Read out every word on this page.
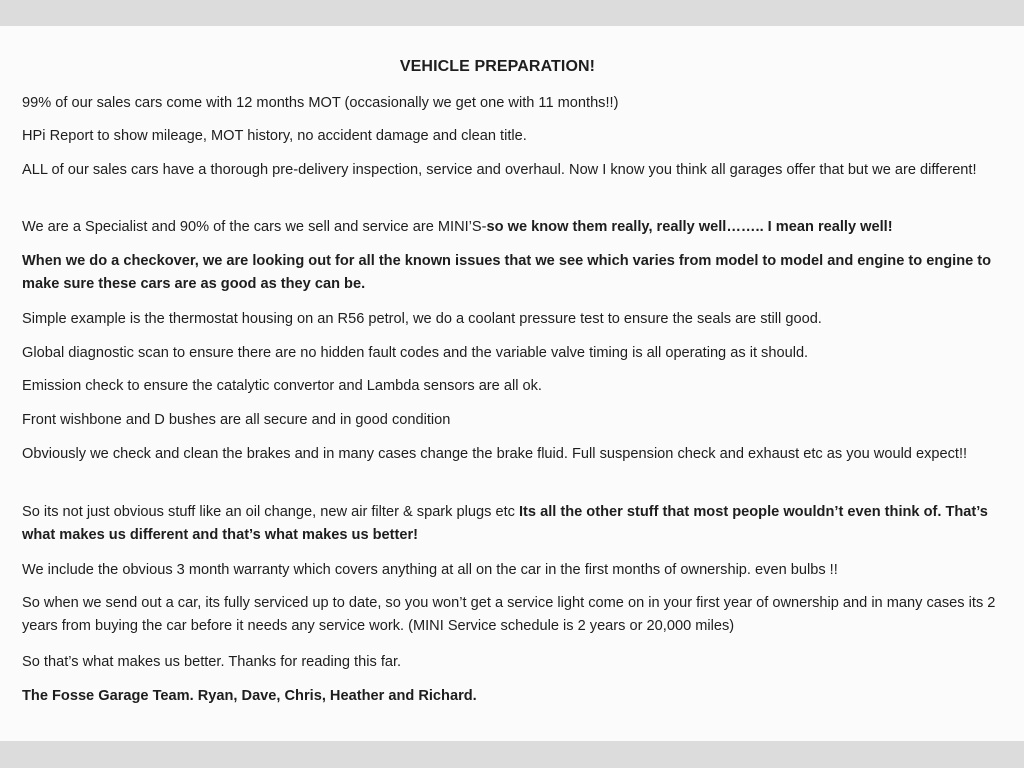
VEHICLE PREPARATION!
99% of our sales cars come with 12 months MOT (occasionally we get one with 11 months!!)
HPi Report to show mileage, MOT history, no accident damage and clean title.
ALL of our sales cars have a thorough pre-delivery inspection, service and overhaul. Now I know you think all garages offer that but we are different!
We are a Specialist and 90% of the cars we sell and service are MINI’S-so we know them really, really well…….. I mean really well!
When we do a checkover, we are looking out for all the known issues that we see which varies from model to model and engine to engine to make sure these cars are as good as they can be.
Simple example is the thermostat housing on an R56 petrol, we do a coolant pressure test to ensure the seals are still good.
Global diagnostic scan to ensure there are no hidden fault codes and the variable valve timing is all operating as it should.
Emission check to ensure the catalytic convertor and Lambda sensors are all ok.
Front wishbone and D bushes are all secure and in good condition
Obviously we check and clean the brakes and in many cases change the brake fluid. Full suspension check and exhaust etc as you would expect!!
So its not just obvious stuff like an oil change, new air filter & spark plugs etc Its all the other stuff that most people wouldn’t even think of. That’s what makes us different and that’s what makes us better!
We include the obvious 3 month warranty which covers anything at all on the car in the first months of ownership. even bulbs !!
So when we send out a car, its fully serviced up to date, so you won’t get a service light come on in your first year of ownership and in many cases its 2 years from buying the car before it needs any service work. (MINI Service schedule is 2 years or 20,000 miles)
So that’s what makes us better. Thanks for reading this far.
The Fosse Garage Team. Ryan, Dave, Chris, Heather and Richard.
